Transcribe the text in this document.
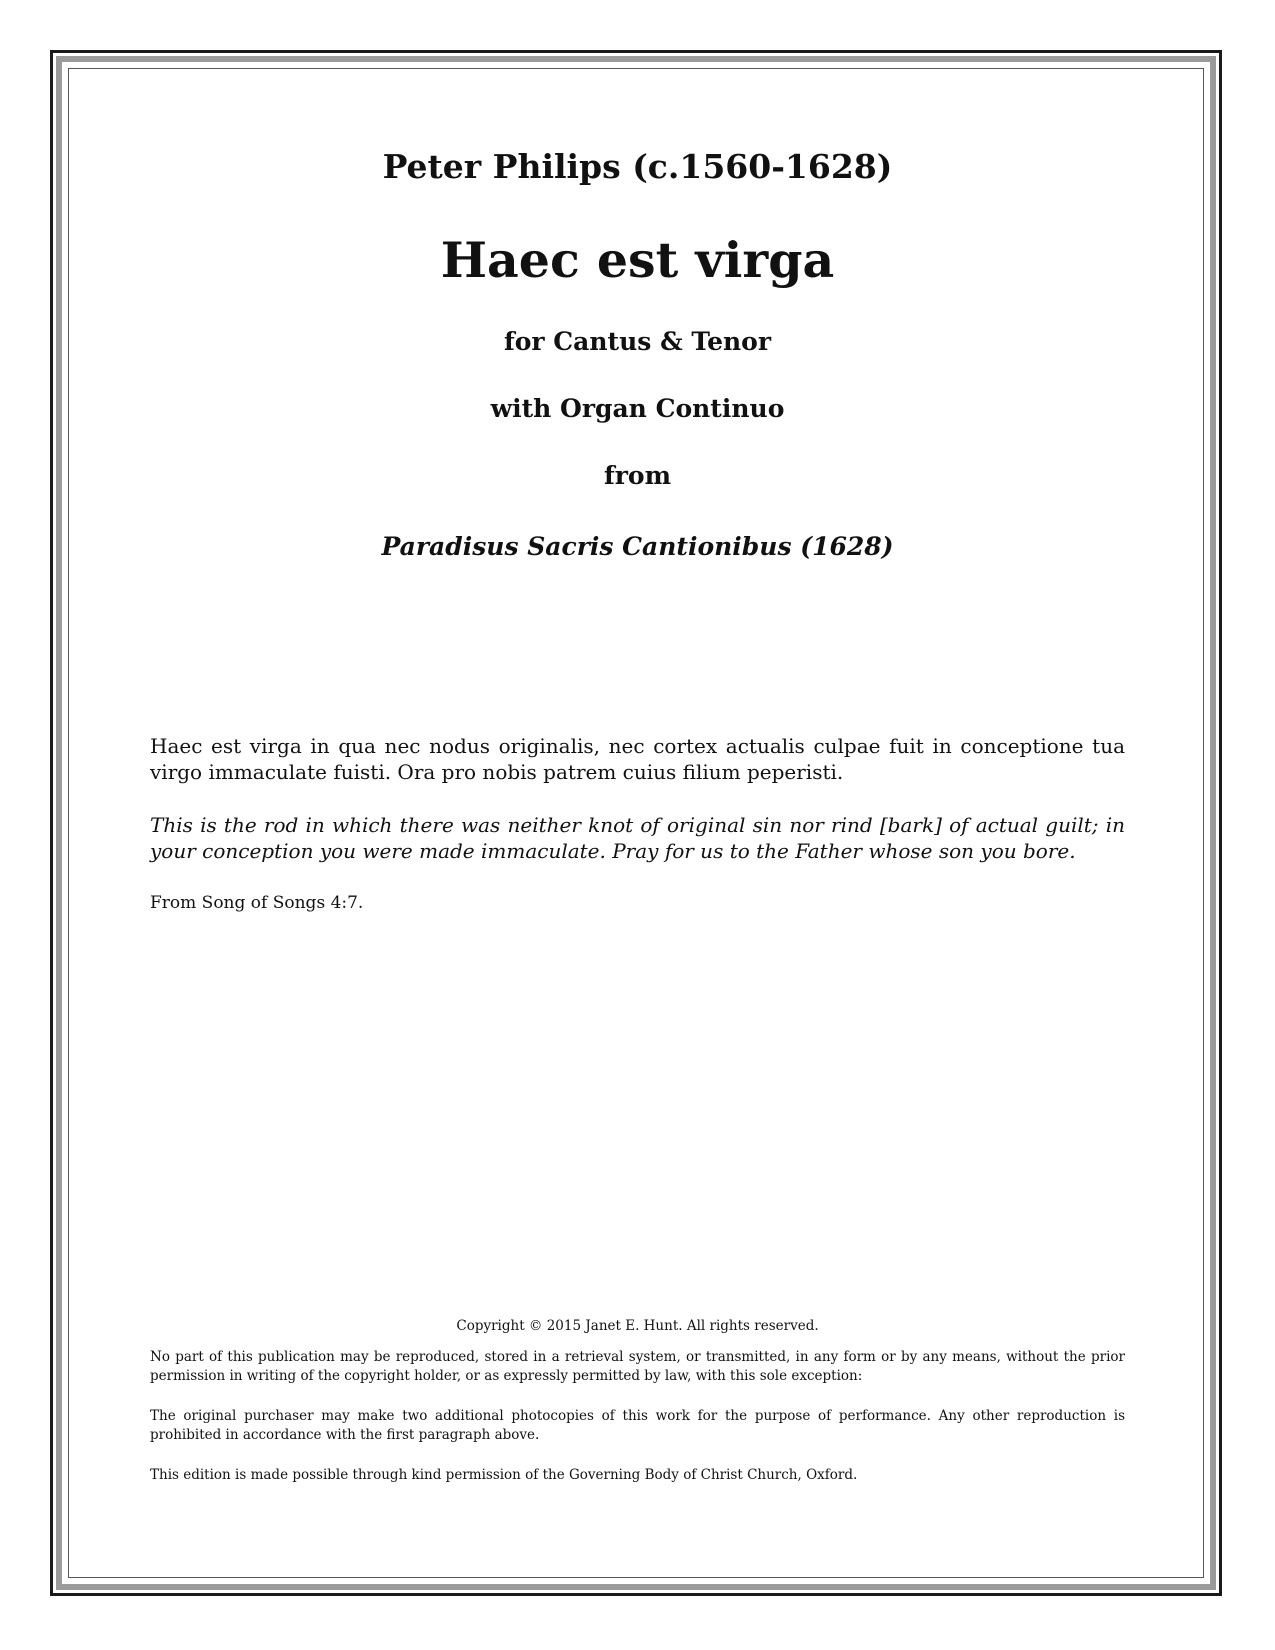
Peter Philips (c.1560-1628)
Haec est virga
for Cantus & Tenor
with Organ Continuo
from
Paradisus Sacris Cantionibus (1628)
Haec est virga in qua nec nodus originalis, nec cortex actualis culpae fuit in conceptione tua virgo immaculate fuisti. Ora pro nobis patrem cuius filium peperisti.
This is the rod in which there was neither knot of original sin nor rind [bark] of actual guilt; in your conception you were made immaculate. Pray for us to the Father whose son you bore.
From Song of Songs 4:7.
Copyright © 2015 Janet E. Hunt. All rights reserved.
No part of this publication may be reproduced, stored in a retrieval system, or transmitted, in any form or by any means, without the prior permission in writing of the copyright holder, or as expressly permitted by law, with this sole exception:
The original purchaser may make two additional photocopies of this work for the purpose of performance. Any other reproduction is prohibited in accordance with the first paragraph above.
This edition is made possible through kind permission of the Governing Body of Christ Church, Oxford.
